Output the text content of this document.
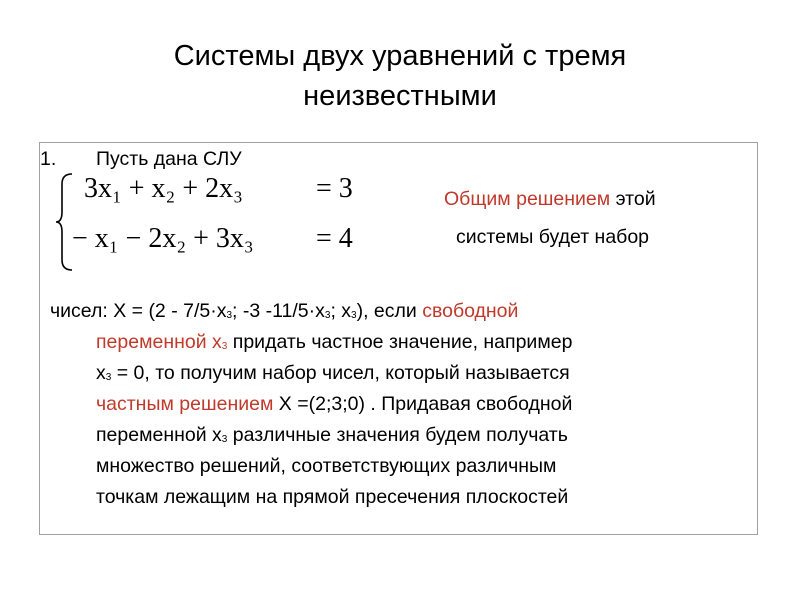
Системы двух уравнений с тремя
неизвестными
1. Пусть дана СЛУ
3x₁ + x₂ + 2x₃	= 3
− x₁ − 2x₂ + 3x₃ = 4
Общим решением этой
системы будет набор
чисел: $X = (2 - 7/5\cdot x_3$; -3 $-11/5\cdot x_3$; $x_3$), если свободной
переменной $x_3$ придать частное значение, например
$x_3 = 0$, то получим набор чисел, который называется
частным решением X =(2;3;0) . Придавая свободной
переменной $x_3$ различные значения будем получать
множество решений, соответствующих различным
точкам лежащим на прямой пресечения плоскостей
